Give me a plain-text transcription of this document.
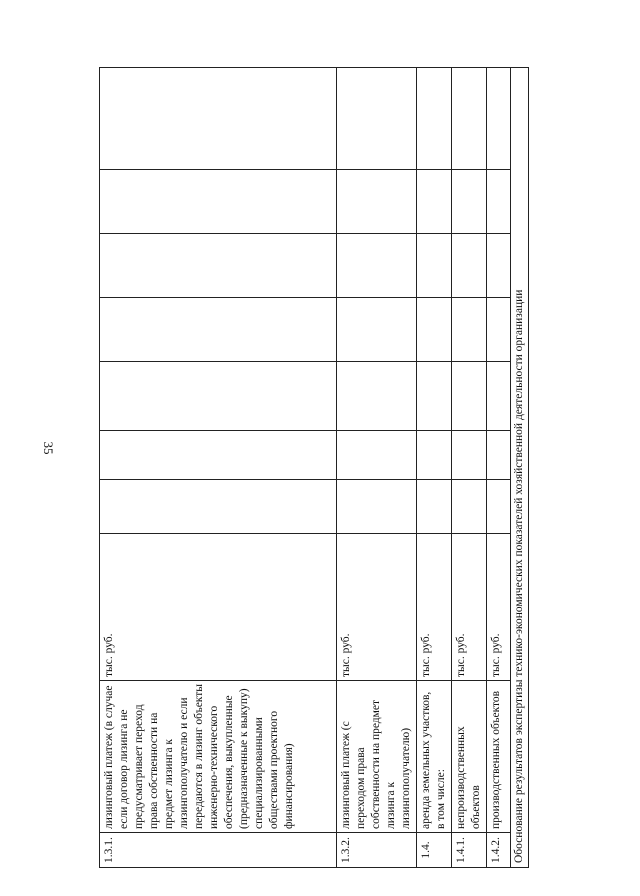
35
1.3.1.	лизинговый платеж (в случае если договор лизинга не предусматривает переход права собственности на предмет лизинга к лизингополучателю и если передаются в лизинг объекты инженерно-технического обеспечения, выкупленные (предназначенные к выкупу) специализированными обществами проектного финансирования)	тыс. руб.							
1.3.2.	лизинговый платеж (с переходом права собственности на предмет лизинга к лизингополучателю)	тыс. руб.							
1.4.	аренда земельных участков, в том числе:	тыс. руб.							
1.4.1.	непроизводственных объектов	тыс. руб.							
1.4.2.	производственных объектов	тыс. руб.							
Обоснование результатов экспертизы технико-экономических показателей хозяйственной деятельности организации									
